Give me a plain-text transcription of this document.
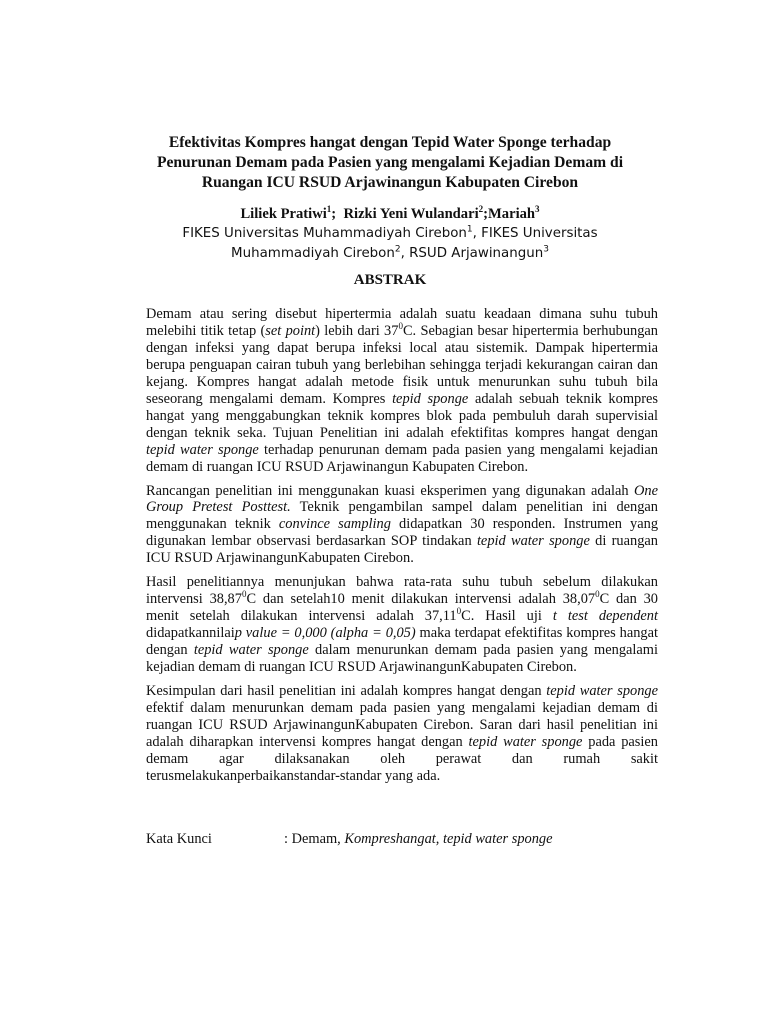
Efektivitas Kompres hangat dengan Tepid Water Sponge terhadap
Penurunan Demam pada Pasien yang mengalami Kejadian Demam di
Ruangan ICU RSUD Arjawinangun Kabupaten Cirebon
Liliek Pratiwi$^1$;  Rizki Yeni Wulandari$^2$;Mariah$^3$
FIKES Universitas Muhammadiyah Cirebon$^1$, FIKES Universitas
Muhammadiyah Cirebon$^2$, RSUD Arjawinangun$^3$
ABSTRAK

Demam atau sering disebut hipertermia adalah suatu keadaan dimana suhu tubuh melebihi titik tetap (set point) lebih dari $37^0C$. Sebagian besar hipertermia berhubungan dengan infeksi yang dapat berupa infeksi local atau sistemik. Dampak hipertermia berupa penguapan cairan tubuh yang berlebihan sehingga terjadi kekurangan cairan dan kejang. Kompres hangat adalah metode fisik untuk menurunkan suhu tubuh bila seseorang mengalami demam. Kompres tepid sponge adalah sebuah teknik kompres hangat yang menggabungkan teknik kompres blok pada pembuluh darah supervisial dengan teknik seka. Tujuan Penelitian ini adalah efektifitas kompres hangat dengan tepid water sponge terhadap penurunan demam pada pasien yang mengalami kejadian demam di ruangan ICU RSUD Arjawinangun Kabupaten Cirebon.

Rancangan penelitian ini menggunakan kuasi eksperimen yang digunakan adalah One Group Pretest Posttest. Teknik pengambilan sampel dalam penelitian ini dengan menggunakan teknik convince sampling didapatkan 30 responden. Instrumen yang digunakan lembar observasi berdasarkan SOP tindakan tepid water sponge di ruangan ICU RSUD ArjawinangunKabupaten Cirebon.

Hasil penelitiannya menunjukan bahwa rata-rata suhu tubuh sebelum dilakukan intervensi 38,87$^0$C dan setelah10 menit dilakukan intervensi adalah 38,07$^0$C dan 30 menit setelah dilakukan intervensi adalah 37,11$^0$C. Hasil uji t test dependent didapatkannilaip value = 0,000 (alpha = 0,05) maka terdapat efektifitas kompres hangat dengan tepid water sponge dalam menurunkan demam pada pasien yang mengalami kejadian demam di ruangan ICU RSUD ArjawinangunKabupaten Cirebon.

Kesimpulan dari hasil penelitian ini adalah kompres hangat dengan tepid water sponge efektif dalam menurunkan demam pada pasien yang mengalami kejadian demam di ruangan ICU RSUD ArjawinangunKabupaten Cirebon. Saran dari hasil penelitian ini adalah diharapkan intervensi kompres hangat dengan tepid water sponge pada pasien demam agar dilaksanakan oleh perawat dan rumah sakit terusmelakukanperbaikanstandar-standar yang ada.

Kata Kunci	: Demam, Kompreshangat, tepid water sponge
